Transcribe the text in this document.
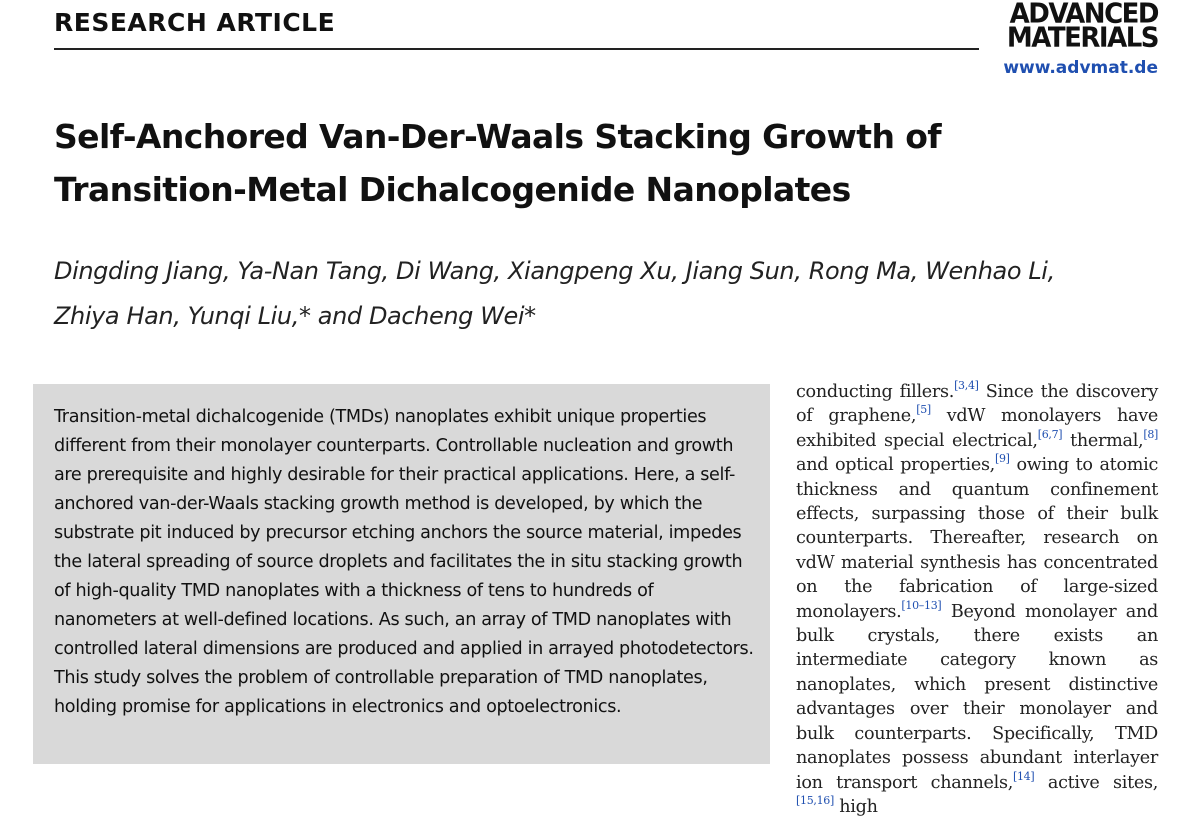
RESEARCH ARTICLE	ADVANCED
MATERIALS
www.advmat.de
Self-Anchored Van-Der-Waals Stacking Growth of
Transition-Metal Dichalcogenide Nanoplates

Dingding Jiang, Ya-Nan Tang, Di Wang, Xiangpeng Xu, Jiang Sun, Rong Ma, Wenhao Li,
Zhiya Han, Yunqi Liu,* and Dacheng Wei*

Transition-metal dichalcogenide (TMDs) nanoplates exhibit unique properties different from their monolayer counterparts. Controllable nucleation and growth are prerequisite and highly desirable for their practical applications. Here, a self-anchored van-der-Waals stacking growth method is developed, by which the substrate pit induced by precursor etching anchors the source material, impedes the lateral spreading of source droplets and facilitates the in situ stacking growth of high-quality TMD nanoplates with a thickness of tens to hundreds of nanometers at well-defined locations. As such, an array of TMD nanoplates with controlled lateral dimensions are produced and applied in arrayed photodetectors. This study solves the problem of controllable preparation of TMD nanoplates, holding promise for applications in electronics and optoelectronics.

conducting fillers.[3,4] Since the discovery of graphene,[5] vdW monolayers have exhibited special electrical,[6,7] thermal,[8] and optical properties,[9] owing to atomic thickness and quantum confinement effects, surpassing those of their bulk counterparts. Thereafter, research on vdW material synthesis has concentrated on the fabrication of large-sized monolayers.[10–13] Beyond monolayer and bulk crystals, there exists an intermediate category known as nanoplates, which present distinctive advantages over their monolayer and bulk counterparts. Specifically, TMD nanoplates possess abundant interlayer ion transport channels,[14] active sites,[15,16] high
